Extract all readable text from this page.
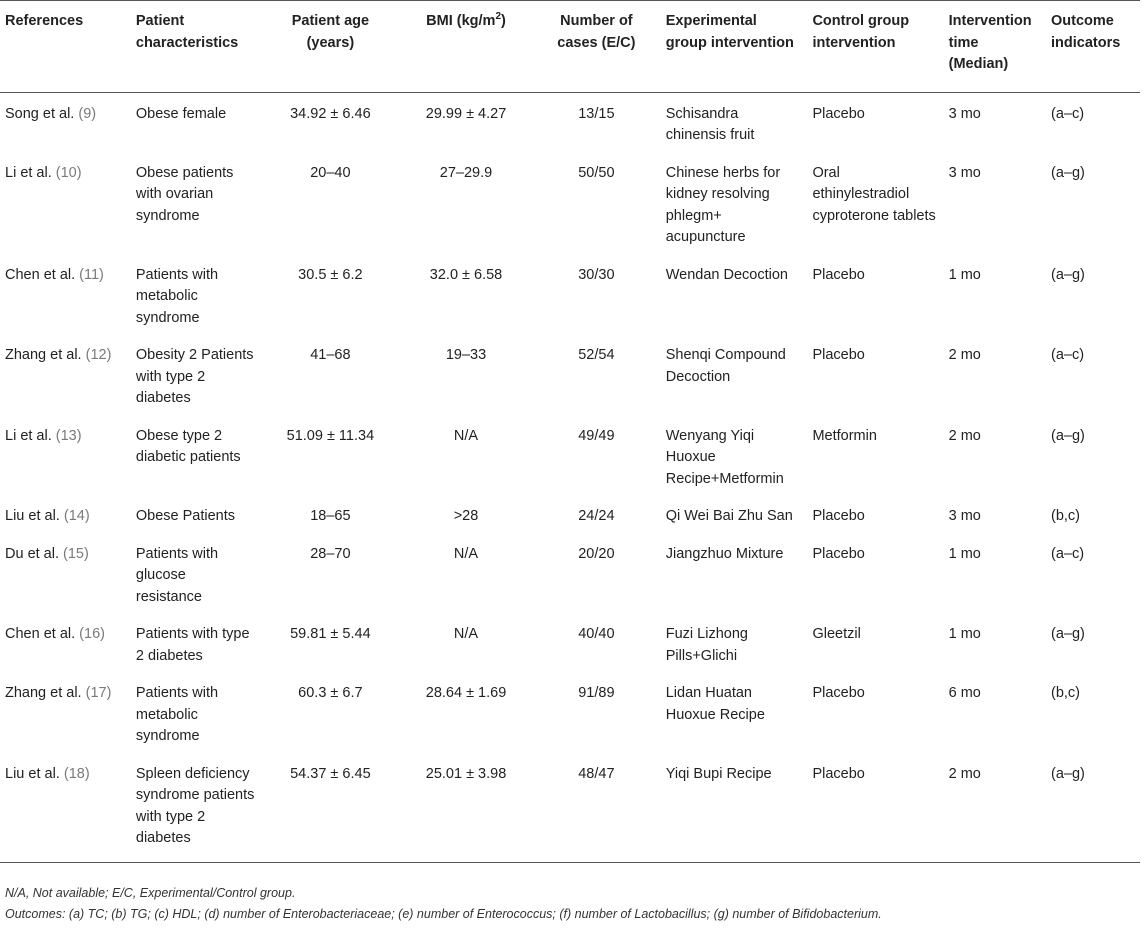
References	Patient characteristics	Patient age (years)	BMI $(kg/m^2)$	Number of cases (E/C)	Experimental group intervention	Control group intervention	Intervention time (Median)	Outcome indicators
Song et al. (9)	Obese female	34.92 ± 6.46	29.99 ± 4.27	13/15	Schisandra chinensis fruit	Placebo	3 mo	(a–c)
Li et al. (10)	Obese patients with ovarian syndrome	20–40	27–29.9	50/50	Chinese herbs for kidney resolving phlegm+ acupuncture	Oral ethinylestradiol cyproterone tablets	3 mo	(a–g)
Chen et al. (11)	Patients with metabolic syndrome	30.5 ± 6.2	32.0 ± 6.58	30/30	Wendan Decoction	Placebo	1 mo	(a–g)
Zhang et al. (12)	Obesity 2 Patients with type 2 diabetes	41–68	19–33	52/54	Shenqi Compound Decoction	Placebo	2 mo	(a–c)
Li et al. (13)	Obese type 2 diabetic patients	51.09 ± 11.34	N/A	49/49	Wenyang Yiqi Huoxue Recipe+Metformin	Metformin	2 mo	(a–g)
Liu et al. (14)	Obese Patients	18–65	>28	24/24	Qi Wei Bai Zhu San	Placebo	3 mo	(b,c)
Du et al. (15)	Patients with glucose resistance	28–70	N/A	20/20	Jiangzhuo Mixture	Placebo	1 mo	(a–c)
Chen et al. (16)	Patients with type 2 diabetes	59.81 ± 5.44	N/A	40/40	Fuzi Lizhong Pills+Glichi	Gleetzil	1 mo	(a–g)
Zhang et al. (17)	Patients with metabolic syndrome	60.3 ± 6.7	28.64 ± 1.69	91/89	Lidan Huatan Huoxue Recipe	Placebo	6 mo	(b,c)
Liu et al. (18)	Spleen deficiency syndrome patients with type 2 diabetes	54.37 ± 6.45	25.01 ± 3.98	48/47	Yiqi Bupi Recipe	Placebo	2 mo	(a–g)
N/A, Not available; E/C, Experimental/Control group.
Outcomes: (a) TC; (b) TG; (c) HDL; (d) number of Enterobacteriaceae; (e) number of Enterococcus; (f) number of Lactobacillus; (g) number of Bifidobacterium.
